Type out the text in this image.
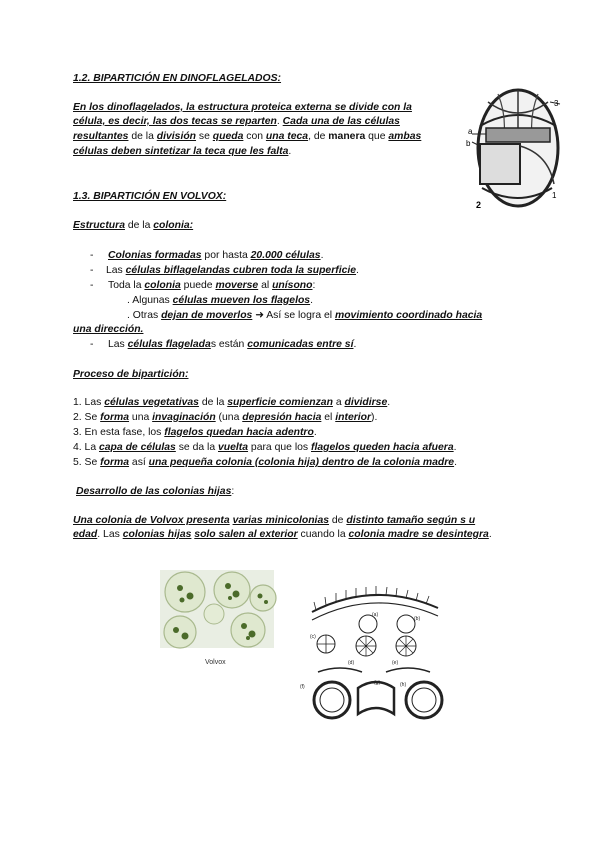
1.2. BIPARTICIÓN EN DINOFLAGELADOS:
En los dinoflagelados, la estructura proteica externa se divide con la
célula, es decir, las dos tecas se reparten. Cada una de las células
resultantes de la división se queda con una teca, de manera que ambas
células deben sintetizar la teca que les falta.
a
b
3
2
1
1.3. BIPARTICIÓN EN VOLVOX:
Estructura de la colonia:
- Colonias formadas por hasta 20.000 células.
- Las células biflagelandas cubren toda la superficie.
- Toda la colonia puede moverse al unísono:
. Algunas células mueven los flagelos.
. Otras dejan de moverlos ➜ Así se logra el movimiento coordinado hacia
una dirección.
- Las células flageladas están comunicadas entre sí.
Proceso de bipartición:
1. Las células vegetativas de la superficie comienzan a dividirse.
2. Se forma una invaginación (una depresión hacia el interior).
3. En esta fase, los flagelos quedan hacia adentro.
4. La capa de células se da la vuelta para que los flagelos queden hacia afuera.
5. Se forma así una pequeña colonia (colonia hija) dentro de la colonia madre.
Desarrollo de las colonias hijas:
Una colonia de Volvox presenta varias minicolonias de distinto tamaño según s u
edad. Las colonias hijas solo salen al exterior cuando la colonia madre se desintegra.
Volvox
(a)
(b)
(c)
(d)	(e)
(f)
(g)	(h)
